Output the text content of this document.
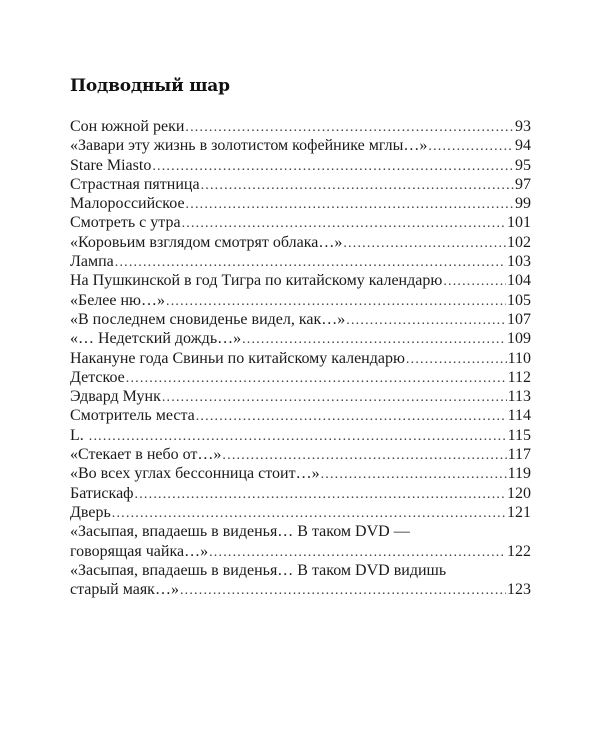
Подводный шар
Сон южной реки .....	93
«Завари эту жизнь в золотистом кофейнике мглы…» .....	94
Stare Miasto .....	95
Страстная пятница .....	97
Малороссийское .....	99
Смотреть с утра .....	101
«Коровьим взглядом смотрят облака…» .....	102
Лампа .....	103
На Пушкинской в год Тигра по китайскому календарю .....	104
«Белее ню…» .....	105
«В последнем сновиденье видел, как…» .....	107
«… Недетский дождь…» .....	109
Накануне года Свиньи по китайскому календарю .....	110
Детское .....	112
Эдвард Мунк .....	113
Смотритель места .....	114
L. .....	115
«Стекает в небо от…» .....	117
«Во всех углах бессонница стоит…» .....	119
Батискаф .....	120
Дверь .....	121
«Засыпая, впадаешь в виденья… В таком DVD —
говорящая чайка…» .....	122
«Засыпая, впадаешь в виденья… В таком DVD видишь
старый маяк…» .....	123
